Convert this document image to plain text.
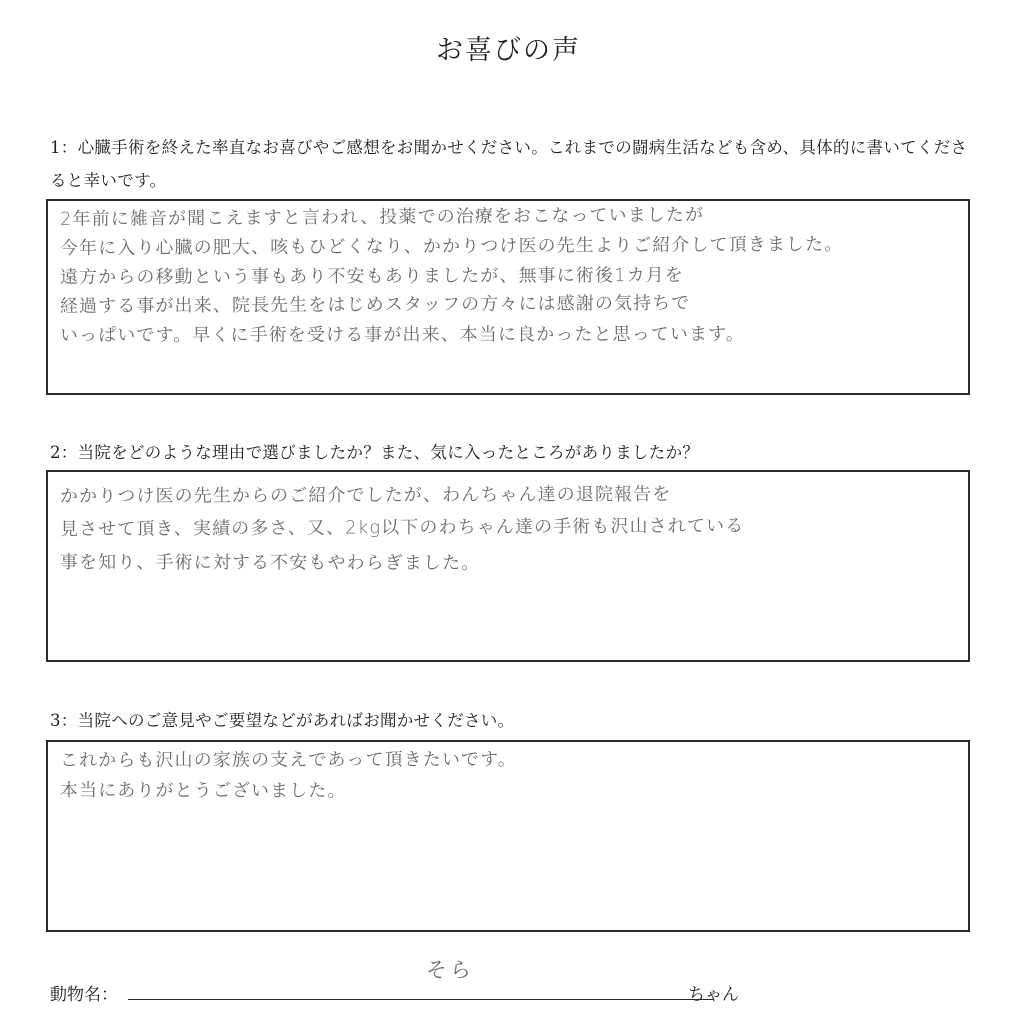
お喜びの声
1：心臓手術を終えた率直なお喜びやご感想をお聞かせください。これまでの闘病生活なども含め、具体的に書いてくださると幸いです。
2年前に雑音が聞こえますと言われ、投薬での治療をおこなっていましたが
今年に入り心臓の肥大、咳もひどくなり、かかりつけ医の先生よりご紹介して頂きました。
遠方からの移動という事もあり不安もありましたが、無事に術後1カ月を
経過する事が出来、院長先生をはじめスタッフの方々には感謝の気持ちで
いっぱいです。早くに手術を受ける事が出来、本当に良かったと思っています。
2：当院をどのような理由で選びましたか？また、気に入ったところがありましたか？
かかりつけ医の先生からのご紹介でしたが、わんちゃん達の退院報告を
見させて頂き、実績の多さ、又、2kg以下のわちゃん達の手術も沢山されている
事を知り、手術に対する不安もやわらぎました。
3：当院へのご意見やご要望などがあればお聞かせください。
これからも沢山の家族の支えであって頂きたいです。
本当にありがとうございました。
動物名：
そら
ちゃん
